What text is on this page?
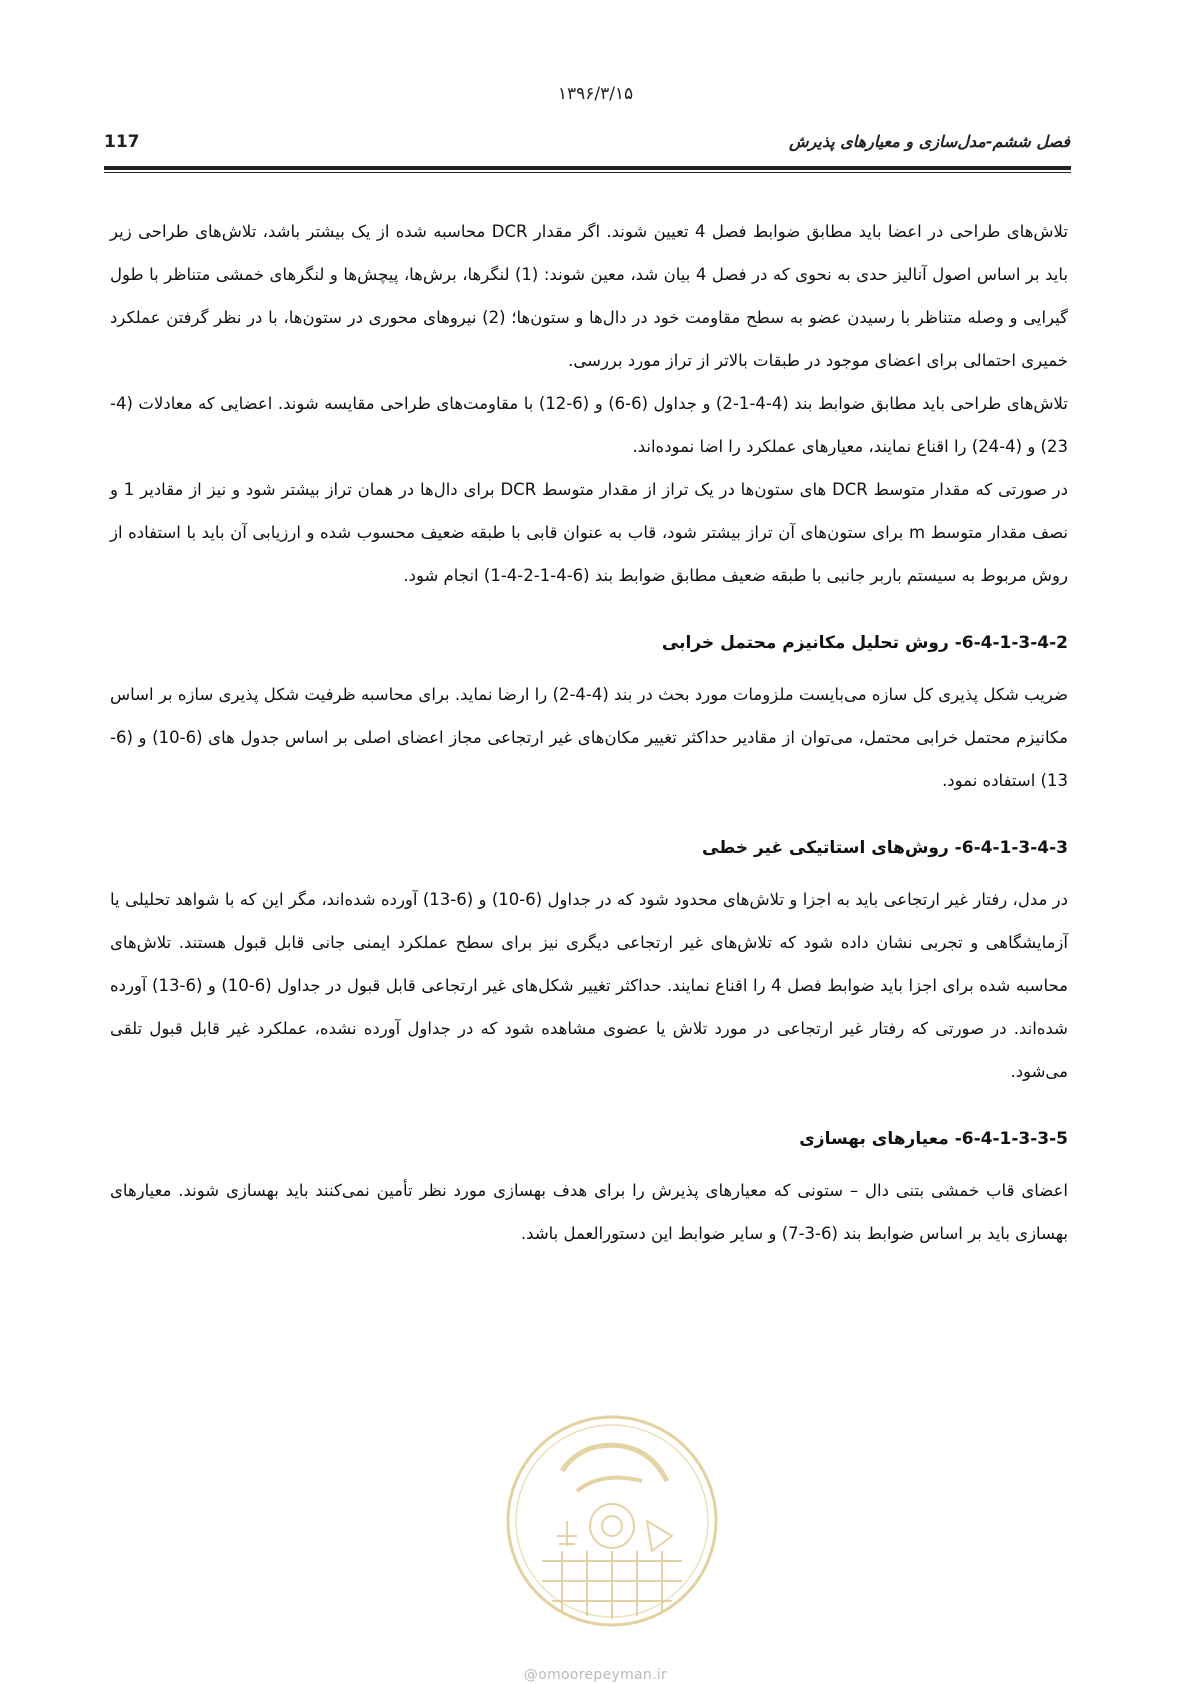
۱۳۹۶/۳/۱۵
فصل ششم-مدل‌سازی و معیارهای پذیرش
117

تلاش‌های طراحی در اعضا باید مطابق ضوابط فصل 4 تعیین شوند. اگر مقدار DCR محاسبه شده از یک بیشتر باشد، تلاش‌های طراحی زیر باید بر اساس اصول آنالیز حدی به نحوی که در فصل 4 بیان شد، معین شوند: (1) لنگرها، برش‌ها، پیچش‌ها و لنگرهای خمشی متناظر با طول گیرایی و وصله متناظر با رسیدن عضو به سطح مقاومت خود در دال‌ها و ستون‌ها؛ (2) نیروهای محوری در ستون‌ها، با در نظر گرفتن عملکرد خمیری احتمالی برای اعضای موجود در طبقات بالاتر از تراز مورد بررسی.

تلاش‌های طراحی باید مطابق ضوابط بند (4-4-1-2) و جداول (6-6) و (6-12) با مقاومت‌های طراحی مقایسه شوند. اعضایی که معادلات (4-23) و (4-24) را اقناع نمایند، معیارهای عملکرد را اضا نموده‌اند.

در صورتی که مقدار متوسط DCR های ستون‌ها در یک تراز از مقدار متوسط DCR برای دال‌ها در همان تراز بیشتر شود و نیز از مقادیر 1 و نصف مقدار متوسط m برای ستون‌های آن تراز بیشتر شود، قاب به عنوان قابی با طبقه ضعیف محسوب شده و ارزیابی آن باید با استفاده از روش مربوط به سیستم باربر جانبی با طبقه ضعیف مطابق ضوابط بند (6-4-1-2-4-1) انجام شود.

6-4-1-3-4-2- روش تحلیل مکانیزم محتمل خرابی

ضریب شکل پذیری کل سازه می‌بایست ملزومات مورد بحث در بند (4-4-2) را ارضا نماید. برای محاسبه ظرفیت شکل پذیری سازه بر اساس مکانیزم محتمل خرابی محتمل، می‌توان از مقادیر حداکثر تغییر مکان‌های غیر ارتجاعی مجاز اعضای اصلی بر اساس جدول های (6-10) و (6-13) استفاده نمود.

6-4-1-3-4-3- روش‌های استاتیکی غیر خطی

در مدل، رفتار غیر ارتجاعی باید به اجزا و تلاش‌های محدود شود که در جداول (6-10) و (6-13) آورده شده‌اند، مگر این که با شواهد تحلیلی یا آزمایشگاهی و تجربی نشان داده شود که تلاش‌های غیر ارتجاعی دیگری نیز برای سطح عملکرد ایمنی جانی قابل قبول هستند. تلاش‌های محاسبه شده برای اجزا باید ضوابط فصل 4 را اقناع نمایند. حداکثر تغییر شکل‌های غیر ارتجاعی قابل قبول در جداول (6-10) و (6-13) آورده شده‌اند. در صورتی که رفتار غیر ارتجاعی در مورد تلاش یا عضوی مشاهده شود که در جداول آورده نشده، عملکرد غیر قابل قبول تلقی می‌شود.

6-4-1-3-3-5- معیارهای بهسازی

اعضای قاب خمشی بتنی دال – ستونی که معیارهای پذیرش را برای هدف بهسازی مورد نظر تأمین نمی‌کنند باید بهسازی شوند. معیارهای بهسازی باید بر اساس ضوابط بند (6-3-7) و سایر ضوابط این دستورالعمل باشد.

@omoorepeyman.ir
